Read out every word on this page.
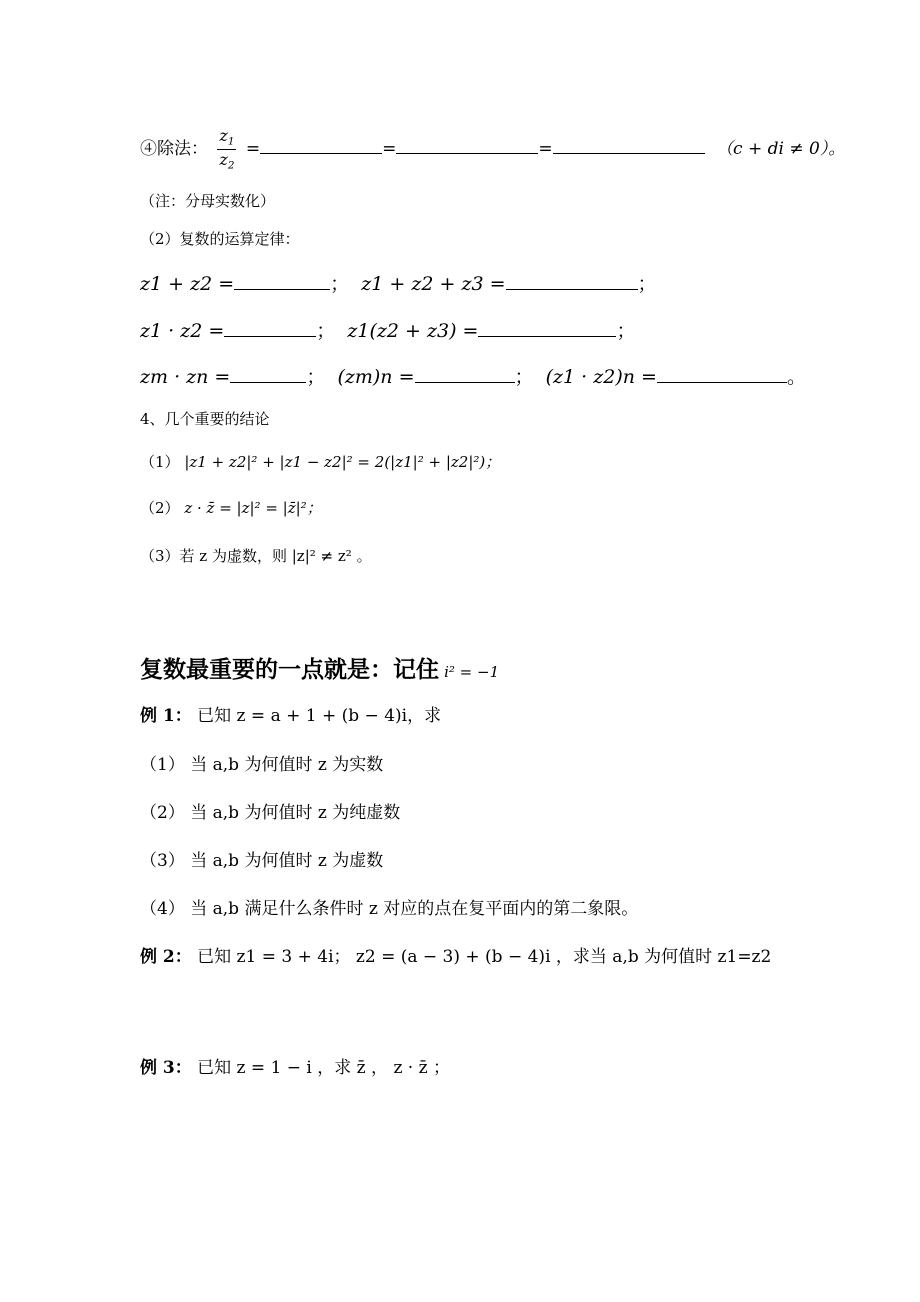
④除法： $\frac{z_1}{z_2}$ =	=	=	（c + di ≠ 0）。
（注：分母实数化）
（2）复数的运算定律：
z1 + z2 =	；  z1 + z2 + z3 =	；
z1 · z2 =	；  z1(z2 + z3) =	；
zm · zn =	；  (zm)n =	；  (z1 · z2)n =	。
4、几个重要的结论
（1） |z1 + z2|² + |z1 − z2|² = 2(|z1|² + |z2|²)；
（2） z · z̄ = |z|² = |z̄|²；
（3）若 z 为虚数，则 |z|² ≠ z² 。
复数最重要的一点就是：记住 i² = −1
例 1： 已知 z = a + 1 + (b − 4)i，求
（1） 当 a,b 为何值时 z 为实数
（2） 当 a,b 为何值时 z 为纯虚数
（3） 当 a,b 为何值时 z 为虚数
（4） 当 a,b 满足什么条件时 z 对应的点在复平面内的第二象限。
例 2： 已知 z1 = 3 + 4i； z2 = (a − 3) + (b − 4)i ，求当 a,b 为何值时 z1=z2
例 3： 已知 z = 1 − i ，求 z̄ ， z · z̄ ；
